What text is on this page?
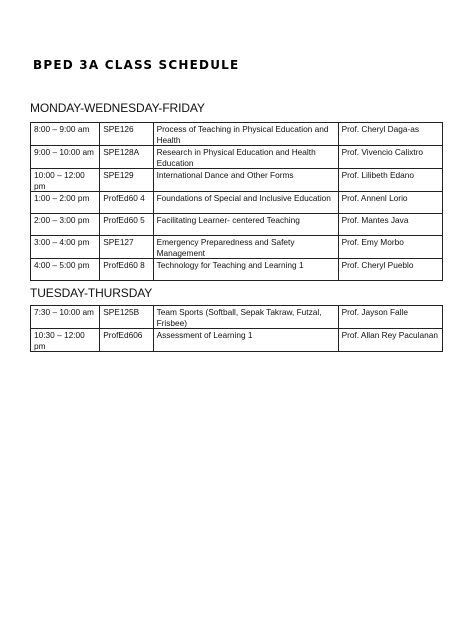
BPED 3A CLASS SCHEDULE
MONDAY-WEDNESDAY-FRIDAY
8:00 – 9:00 am	SPE126	Process of Teaching in Physical Education and Health	Prof. Cheryl Daga-as
9:00 – 10:00 am	SPE128A	Research in Physical Education and Health Education	Prof. Vivencio Calixtro
10:00 – 12:00 pm	SPE129	International Dance and Other Forms	Prof. Lilibeth Edano
1:00 – 2:00 pm	ProfEd60 4	Foundations of Special and Inclusive Education	Prof. Annenl Lorio
2:00 – 3:00 pm	ProfEd60 5	Facilitating Learner- centered Teaching	Prof. Mantes Java
3:00 – 4:00 pm	SPE127	Emergency Preparedness and Safety Management	Prof. Emy Morbo
4:00 – 5:00 pm	ProfEd60 8	Technology for Teaching and Learning 1	Prof. Cheryl Pueblo
TUESDAY-THURSDAY
7:30 – 10:00 am	SPE125B	Team Sports (Softball, Sepak Takraw, Futzal, Frisbee)	Prof. Jayson Falle
10:30 – 12:00 pm	ProfEd606	Assessment of Learning 1	Prof. Allan Rey Paculanan
